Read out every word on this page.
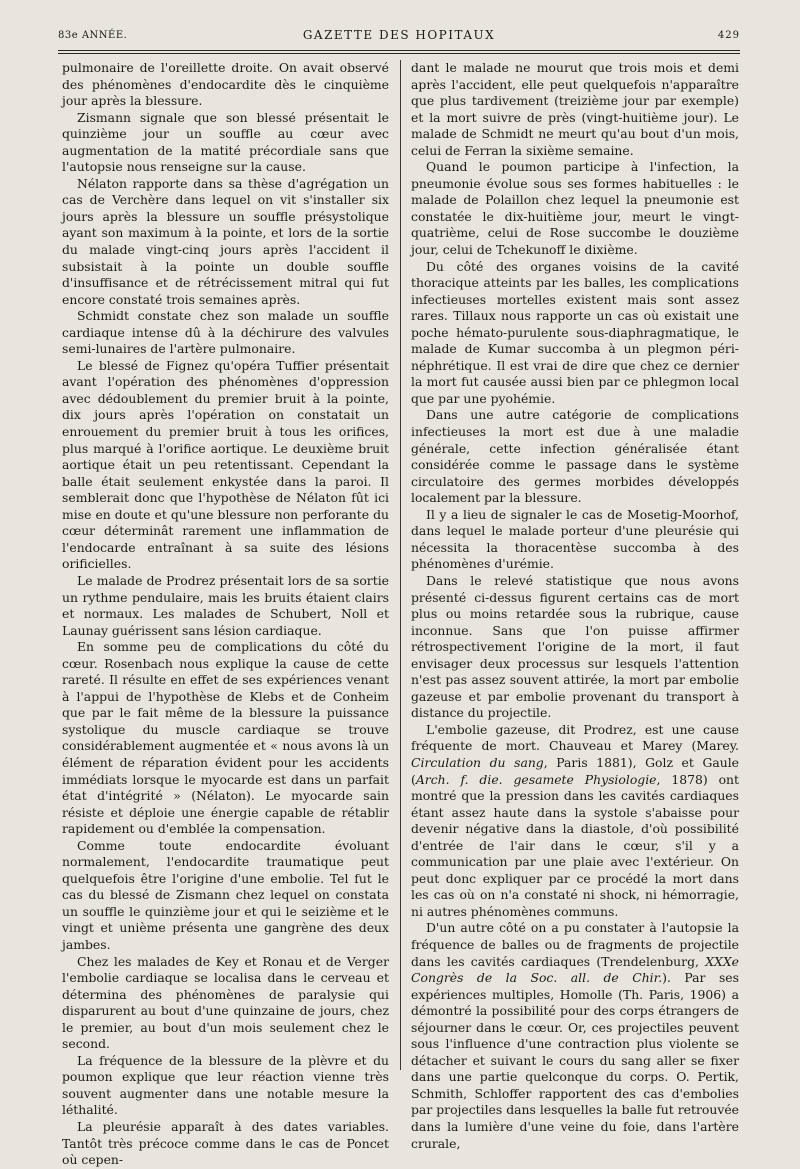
83e ANNÉE.	GAZETTE DES HOPITAUX	429

pulmonaire de l'oreillette droite. On avait observé des phénomènes d'endocardite dès le cinquième jour après la blessure.

Zismann signale que son blessé présentait le quinzième jour un souffle au cœur avec augmentation de la matité précordiale sans que l'autopsie nous renseigne sur la cause.

Nélaton rapporte dans sa thèse d'agrégation un cas de Verchère dans lequel on vit s'installer six jours après la blessure un souffle présystolique ayant son maximum à la pointe, et lors de la sortie du malade vingt-cinq jours après l'accident il subsistait à la pointe un double souffle d'insuffisance et de rétrécissement mitral qui fut encore constaté trois semaines après.

Schmidt constate chez son malade un souffle cardiaque intense dû à la déchirure des valvules semi-lunaires de l'artère pulmonaire.

Le blessé de Fignez qu'opéra Tuffier présentait avant l'opération des phénomènes d'oppression avec dédoublement du premier bruit à la pointe, dix jours après l'opération on constatait un enrouement du premier bruit à tous les orifices, plus marqué à l'orifice aortique. Le deuxième bruit aortique était un peu retentissant. Cependant la balle était seulement enkystée dans la paroi. Il semblerait donc que l'hypothèse de Nélaton fût ici mise en doute et qu'une blessure non perforante du cœur déterminât rarement une inflammation de l'endocarde entraînant à sa suite des lésions orificielles.

Le malade de Prodrez présentait lors de sa sortie un rythme pendulaire, mais les bruits étaient clairs et normaux. Les malades de Schubert, Noll et Launay guérissent sans lésion cardiaque.

En somme peu de complications du côté du cœur. Rosenbach nous explique la cause de cette rareté. Il résulte en effet de ses expériences venant à l'appui de l'hypothèse de Klebs et de Conheim que par le fait même de la blessure la puissance systolique du muscle cardiaque se trouve considérablement augmentée et « nous avons là un élément de réparation évident pour les accidents immédiats lorsque le myocarde est dans un parfait état d'intégrité » (Nélaton). Le myocarde sain résiste et déploie une énergie capable de rétablir rapidement ou d'emblée la compensation.

Comme toute endocardite évoluant normalement, l'endocardite traumatique peut quelquefois être l'origine d'une embolie. Tel fut le cas du blessé de Zismann chez lequel on constata un souffle le quinzième jour et qui le seizième et le vingt et unième présenta une gangrène des deux jambes.

Chez les malades de Key et Ronau et de Verger l'embolie cardiaque se localisa dans le cerveau et détermina des phénomènes de paralysie qui disparurent au bout d'une quinzaine de jours, chez le premier, au bout d'un mois seulement chez le second.

La fréquence de la blessure de la plèvre et du poumon explique que leur réaction vienne très souvent augmenter dans une notable mesure la léthalité.

La pleurésie apparaît à des dates variables. Tantôt très précoce comme dans le cas de Poncet où cepen-

dant le malade ne mourut que trois mois et demi après l'accident, elle peut quelquefois n'apparaître que plus tardivement (treizième jour par exemple) et la mort suivre de près (vingt-huitième jour). Le malade de Schmidt ne meurt qu'au bout d'un mois, celui de Ferran la sixième semaine.

Quand le poumon participe à l'infection, la pneumonie évolue sous ses formes habituelles : le malade de Polaillon chez lequel la pneumonie est constatée le dix-huitième jour, meurt le vingt-quatrième, celui de Rose succombe le douzième jour, celui de Tchekunoff le dixième.

Du côté des organes voisins de la cavité thoracique atteints par les balles, les complications infectieuses mortelles existent mais sont assez rares. Tillaux nous rapporte un cas où existait une poche hémato-purulente sous-diaphragmatique, le malade de Kumar succomba à un plegmon péri-néphrétique. Il est vrai de dire que chez ce dernier la mort fut causée aussi bien par ce phlegmon local que par une pyohémie.

Dans une autre catégorie de complications infectieuses la mort est due à une maladie générale, cette infection généralisée étant considérée comme le passage dans le système circulatoire des germes morbides développés localement par la blessure.

Il y a lieu de signaler le cas de Mosetig-Moorhof, dans lequel le malade porteur d'une pleurésie qui nécessita la thoracentèse succomba à des phénomènes d'urémie.

Dans le relevé statistique que nous avons présenté ci-dessus figurent certains cas de mort plus ou moins retardée sous la rubrique, cause inconnue. Sans que l'on puisse affirmer rétrospectivement l'origine de la mort, il faut envisager deux processus sur lesquels l'attention n'est pas assez souvent attirée, la mort par embolie gazeuse et par embolie provenant du transport à distance du projectile.

L'embolie gazeuse, dit Prodrez, est une cause fréquente de mort. Chauveau et Marey (Marey. Circulation du sang, Paris 1881), Golz et Gaule (Arch. f. die. gesamete Physiologie, 1878) ont montré que la pression dans les cavités cardiaques étant assez haute dans la systole s'abaisse pour devenir négative dans la diastole, d'où possibilité d'entrée de l'air dans le cœur, s'il y a communication par une plaie avec l'extérieur. On peut donc expliquer par ce procédé la mort dans les cas où on n'a constaté ni shock, ni hémorragie, ni autres phénomènes communs.

D'un autre côté on a pu constater à l'autopsie la fréquence de balles ou de fragments de projectile dans les cavités cardiaques (Trendelenburg, XXXe Congrès de la Soc. all. de Chir.). Par ses expériences multiples, Homolle (Th. Paris, 1906) a démontré la possibilité pour des corps étrangers de séjourner dans le cœur. Or, ces projectiles peuvent sous l'influence d'une contraction plus violente se détacher et suivant le cours du sang aller se fixer dans une partie quelconque du corps. O. Pertik, Schmith, Schloffer rapportent des cas d'embolies par projectiles dans lesquelles la balle fut retrouvée dans la lumière d'une veine du foie, dans l'artère crurale,
